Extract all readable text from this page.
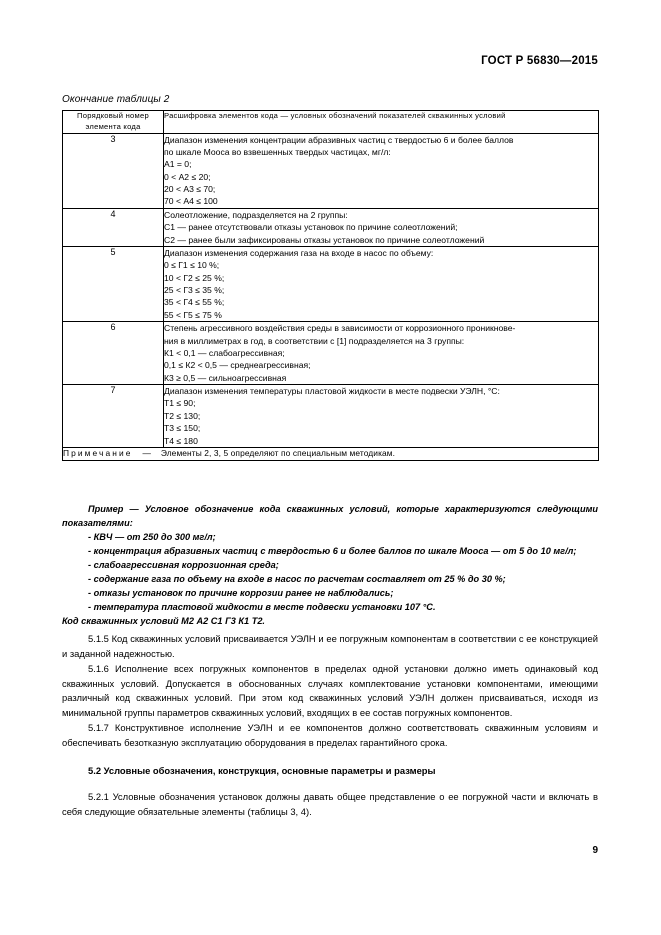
ГОСТ Р 56830—2015
Окончание таблицы 2
Порядковый номер
элемента кода	Расшифровка элементов кода — условных обозначений показателей скважинных условий
3	Диапазон изменения концентрации абразивных частиц с твердостью 6 и более баллов
по шкале Мооса во взвешенных твердых частицах, мг/л:
А1 = 0;
0 < А2 ≤ 20;
20 < А3 ≤ 70;
70 < А4 ≤ 100

4	Солеотложение, подразделяется на 2 группы:
С1 — ранее отсутствовали отказы установок по причине солеотложений;
С2 — ранее были зафиксированы отказы установок по причине солеотложений

5	Диапазон изменения содержания газа на входе в насос по объему:
0 ≤ Г1 ≤ 10 %;
10 < Г2 ≤ 25 %;
25 < Г3 ≤ 35 %;
35 < Г4 ≤ 55 %;
55 < Г5 ≤ 75 %

6	Степень агрессивного воздействия среды в зависимости от коррозионного проникнове-
ния в миллиметрах в год, в соответствии с [1] подразделяется на 3 группы:
К1 < 0,1 — слабоагрессивная;
0,1 ≤ К2 < 0,5 — среднеагрессивная;
К3 ≥ 0,5 — сильноагрессивная

7	Диапазон изменения температуры пластовой жидкости в месте подвески УЭЛН, °С:
Т1 ≤ 90;
Т2 ≤ 130;
Т3 ≤ 150;
Т4 ≤ 180

Примечание — Элементы 2, 3, 5 определяют по специальным методикам.	

Пример — Условное обозначение кода скважинных условий, которые характеризуются следующими показателями:

- КВЧ — от 250 до 300 мг/л;

- концентрация абразивных частиц с твердостью 6 и более баллов по шкале Мооса — от 5 до 10 мг/л;

- слабоагрессивная коррозионная среда;

- содержание газа по объему на входе в насос по расчетам составляет от 25 % до 30 %;

- отказы установок по причине коррозии ранее не наблюдались;

- температура пластовой жидкости в месте подвески установки 107 °С.

Код скважинных условий М2 А2 С1 Г3 К1 Т2.

5.1.5 Код скважинных условий присваивается УЭЛН и ее погружным компонентам в соответствии с ее конструкцией и заданной надежностью.

5.1.6 Исполнение всех погружных компонентов в пределах одной установки должно иметь одинаковый код скважинных условий. Допускается в обоснованных случаях комплектование установки компонентами, имеющими различный код скважинных условий. При этом код скважинных условий УЭЛН должен присваиваться, исходя из минимальной группы параметров скважинных условий, входящих в ее состав погружных компонентов.

5.1.7 Конструктивное исполнение УЭЛН и ее компонентов должно соответствовать скважинным условиям и обеспечивать безотказную эксплуатацию оборудования в пределах гарантийного срока.

5.2 Условные обозначения, конструкция, основные параметры и размеры

5.2.1 Условные обозначения установок должны давать общее представление о ее погружной части и включать в себя следующие обязательные элементы (таблицы 3, 4).

9
